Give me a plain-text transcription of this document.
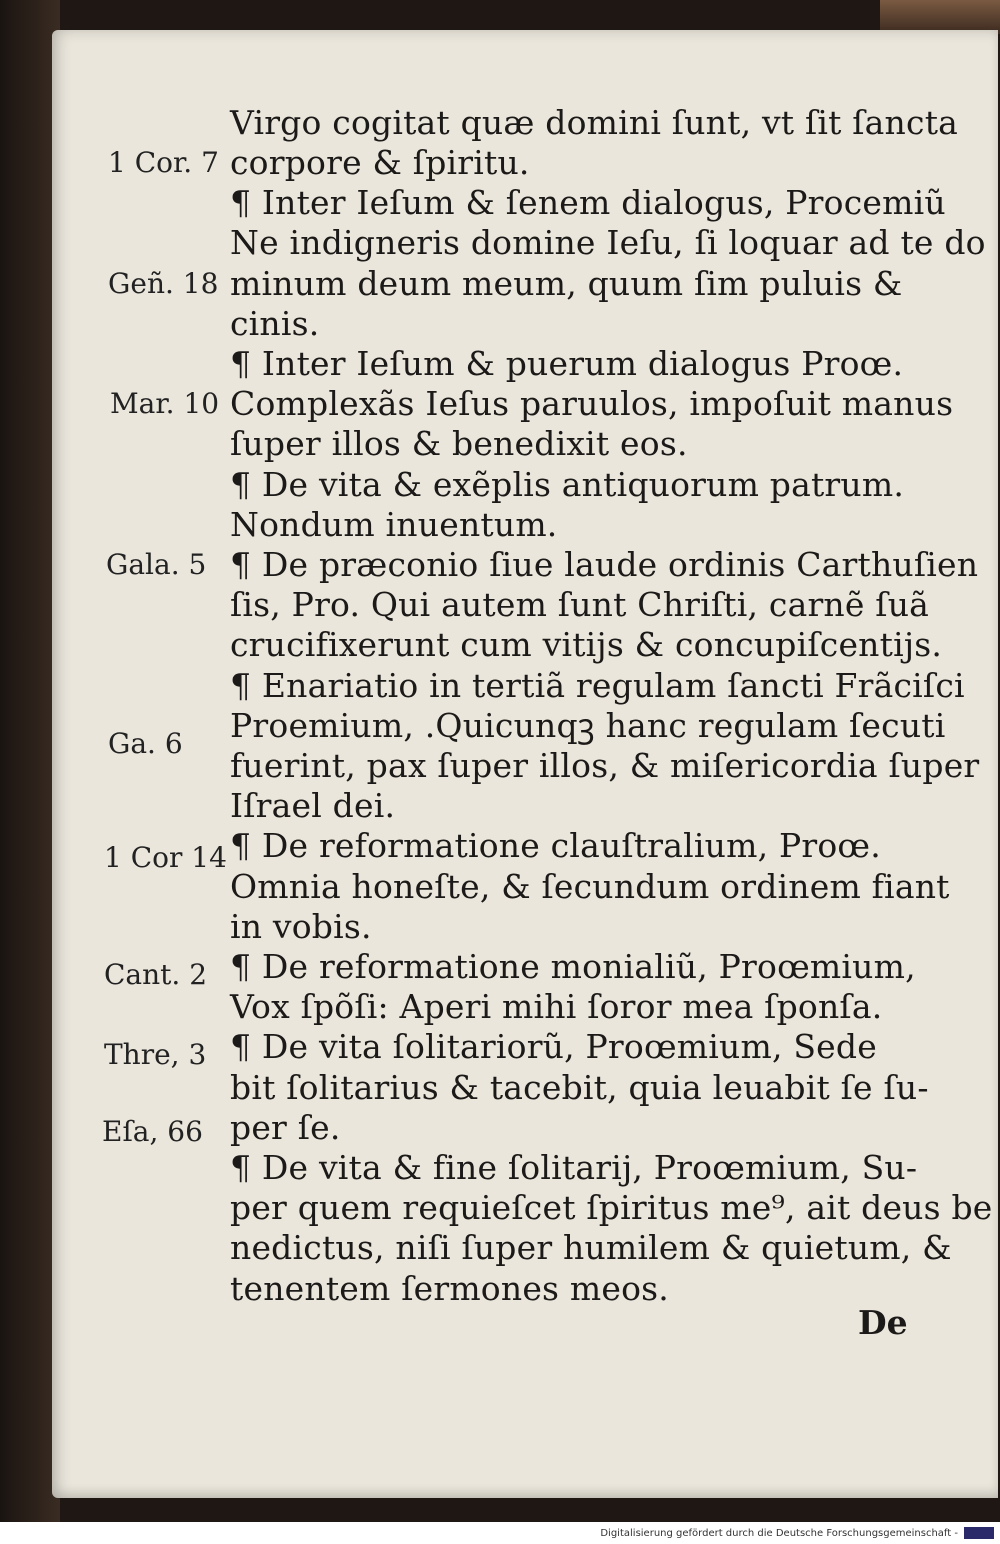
Virgo cogitat quæ domini ſunt, vt ſit ſancta

corpore & ſpiritu.

¶ Inter Ieſum & ſenem dialogus, Procemiũ

Ne indigneris domine Ieſu, ſi loquar ad te do

minum deum meum, quum ſim puluis &

cinis.

¶ Inter Ieſum & puerum dialogus Proœ.

Complexãs Ieſus paruulos, impoſuit manus

ſuper illos & benedixit eos.

¶ De vita & exẽplis antiquorum patrum.

Nondum inuentum.

¶ De præconio ſiue laude ordinis Carthuſien

ſis, Pro. Qui autem ſunt Chriſti, carnẽ ſuã

crucifixerunt cum vitijs & concupiſcentijs.

¶ Enariatio in tertiã regulam ſancti Frãciſci

Proemium, .Quicunqꝫ hanc regulam ſecuti

fuerint, pax ſuper illos, & miſericordia ſuper

Iſrael dei.

¶ De reformatione clauſtralium, Proœ.

Omnia honeſte, & ſecundum ordinem fiant

in vobis.

¶ De reformatione monialiũ, Proœmium,

Vox ſpõſi: Aperi mihi ſoror mea ſponſa.

¶ De vita ſolitariorũ, Proœmium, Sede

bit ſolitarius & tacebit, quia leuabit ſe ſu-

per ſe.

¶ De vita & fine ſolitarij, Proœmium, Su-

per quem requieſcet ſpiritus me⁹, ait deus be

nedictus, niſi ſuper humilem & quietum, &

tenentem ſermones meos.

1 Cor. 7

Geñ. 18

Mar. 10

Gala. 5

Ga. 6

1 Cor 14

Cant. 2

Thre, 3

Eſa, 66

De
Digitalisierung gefördert durch die Deutsche Forschungsgemeinschaft -
